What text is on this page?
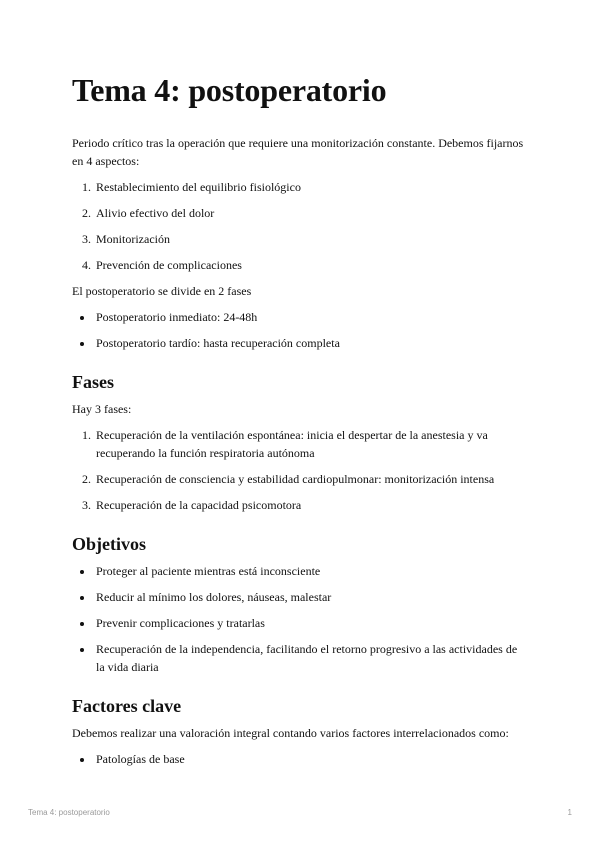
Tema 4: postoperatorio

Periodo crítico tras la operación que requiere una monitorización constante. Debemos fijarnos en 4 aspectos:

1. Restablecimiento del equilibrio fisiológico
2. Alivio efectivo del dolor
3. Monitorización
4. Prevención de complicaciones

El postoperatorio se divide en 2 fases

• Postoperatorio inmediato: 24-48h
• Postoperatorio tardío: hasta recuperación completa
Fases

Hay 3 fases:

1. Recuperación de la ventilación espontánea: inicia el despertar de la anestesia y va recuperando la función respiratoria autónoma
2. Recuperación de consciencia y estabilidad cardiopulmonar: monitorización intensa
3. Recuperación de la capacidad psicomotora
Objetivos
• Proteger al paciente mientras está inconsciente
• Reducir al mínimo los dolores, náuseas, malestar
• Prevenir complicaciones y tratarlas
• Recuperación de la independencia, facilitando el retorno progresivo a las actividades de la vida diaria
Factores clave

Debemos realizar una valoración integral contando varios factores interrelacionados como:

• Patologías de base
Tema 4: postoperatorio	1
